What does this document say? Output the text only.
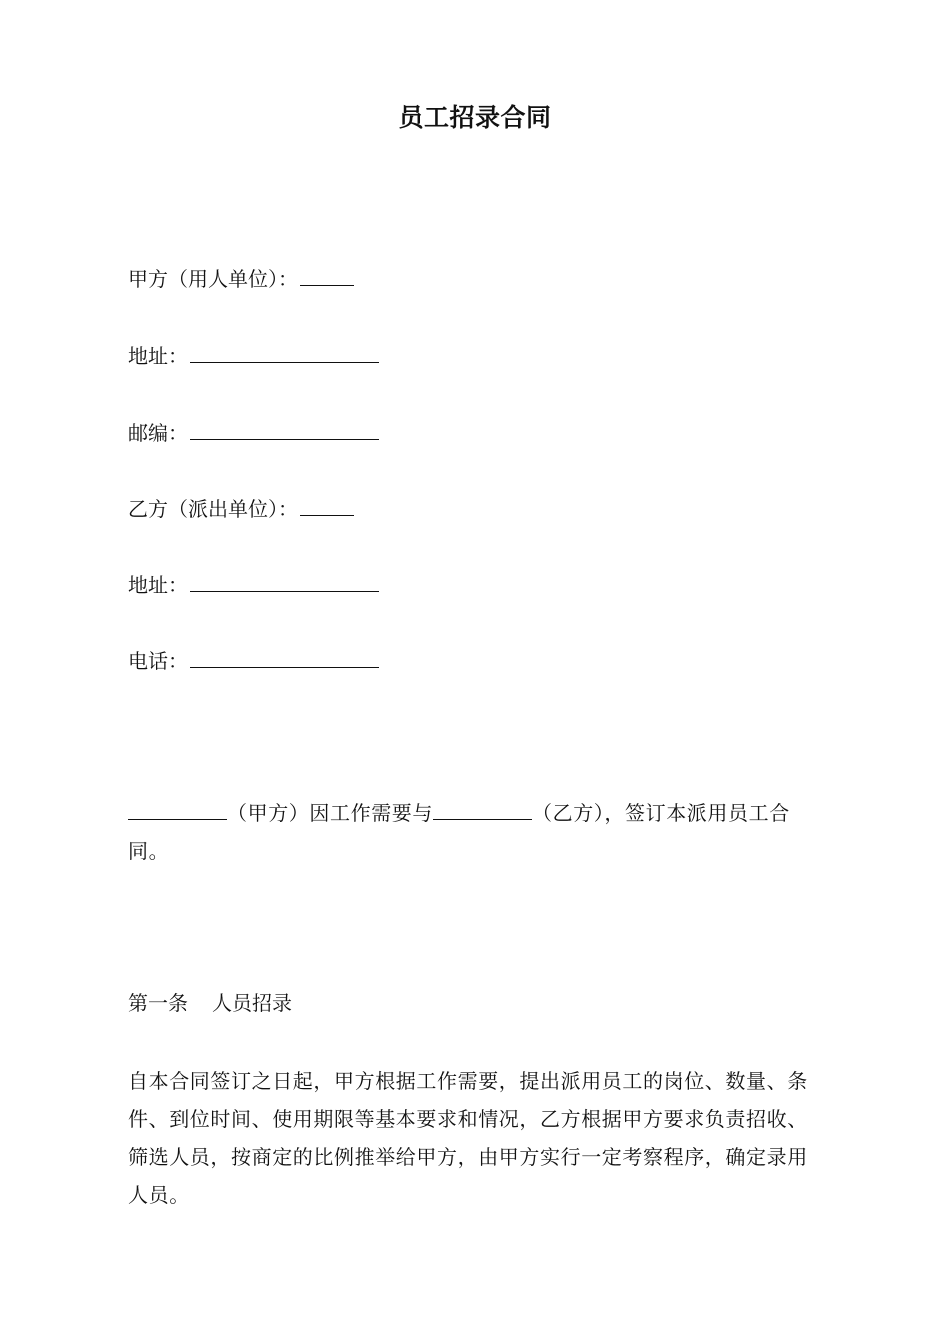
员工招录合同
甲方（用人单位）：
地址：
邮编：
乙方（派出单位）：
地址：
电话：
（甲方）因工作需要与	（乙方），签订本派用员工合同。
第一条 人员招录
自本合同签订之日起，甲方根据工作需要，提出派用员工的岗位、数量、条件、到位时间、使用期限等基本要求和情况，乙方根据甲方要求负责招收、筛选人员，按商定的比例推举给甲方，由甲方实行一定考察程序，确定录用人员。
